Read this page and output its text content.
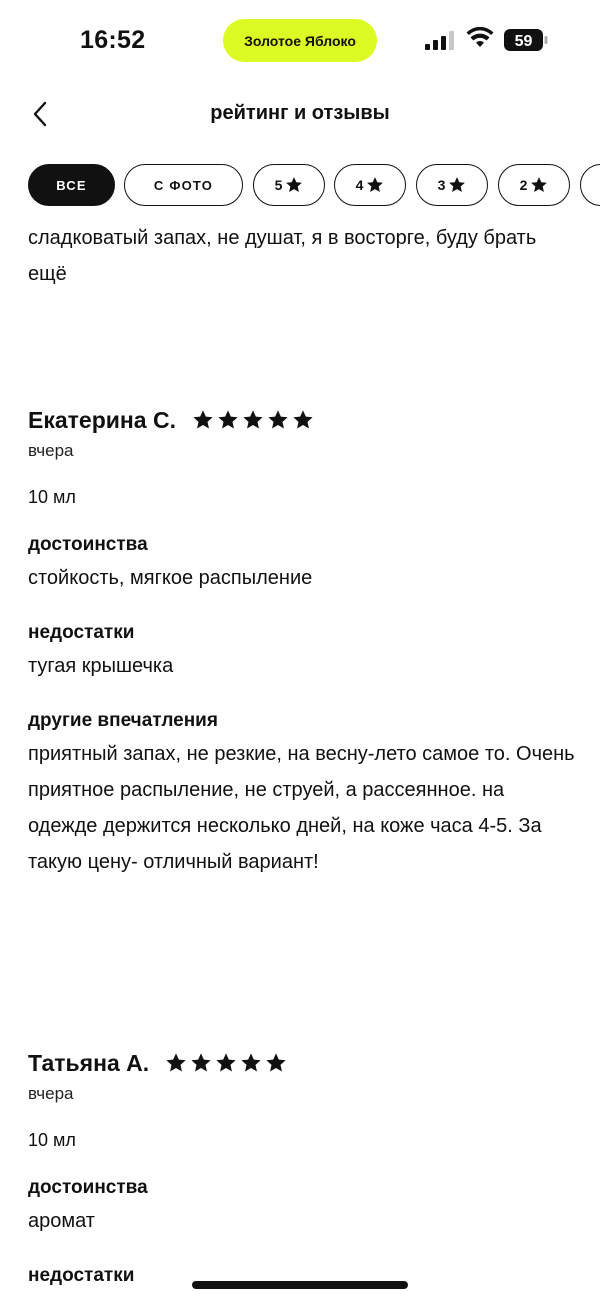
16:52	Золотое Яблоко	59
рейтинг и отзывы
ВСЕ	С ФОТО	5	4	3	2
сладковатый запах, не душат, я в восторге, буду брать ещё
Екатерина С.
вчера
10 мл
достоинства
стойкость, мягкое распыление
недостатки
тугая крышечка
другие впечатления
приятный запах, не резкие, на весну-лето самое то. Очень приятное распыление, не струей, а рассеянное. на одежде держится несколько дней, на коже часа 4-5. За такую цену- отличный вариант!
Татьяна А.
вчера
10 мл
достоинства
аромат
недостатки
